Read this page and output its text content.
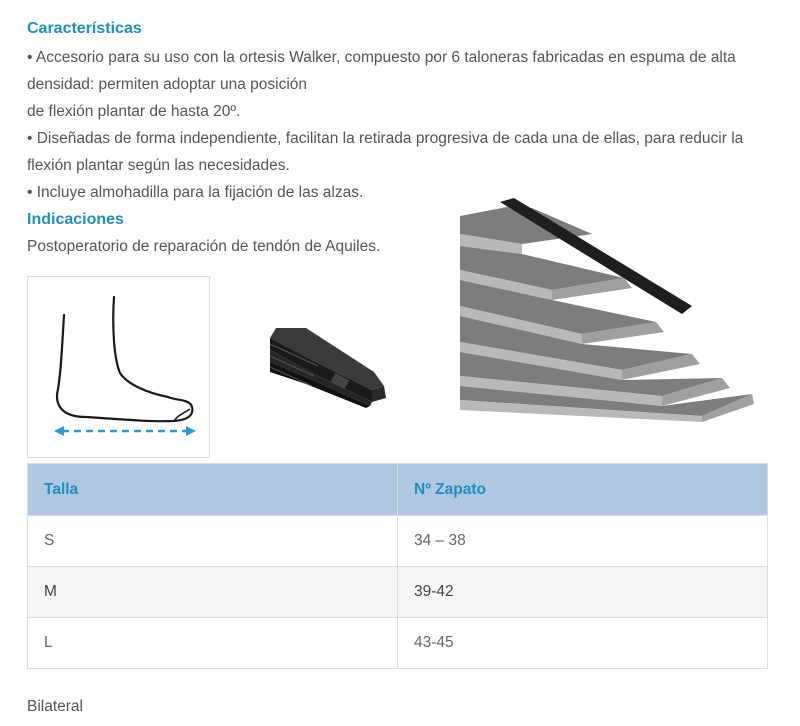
Características

• Accesorio para su uso con la ortesis Walker, compuesto por 6 taloneras fabricadas en espuma de alta densidad: permiten adoptar una posición

de flexión plantar de hasta 20º.

• Diseñadas de forma independiente, facilitan la retirada progresiva de cada una de ellas, para reducir la flexión plantar según las necesidades.

• Incluye almohadilla para la fijación de las alzas.

Indicaciones

Postoperatorio de reparación de tendón de Aquiles.

Talla	Nº Zapato
S	34 – 38
M	39-42
L	43-45

Bilateral
